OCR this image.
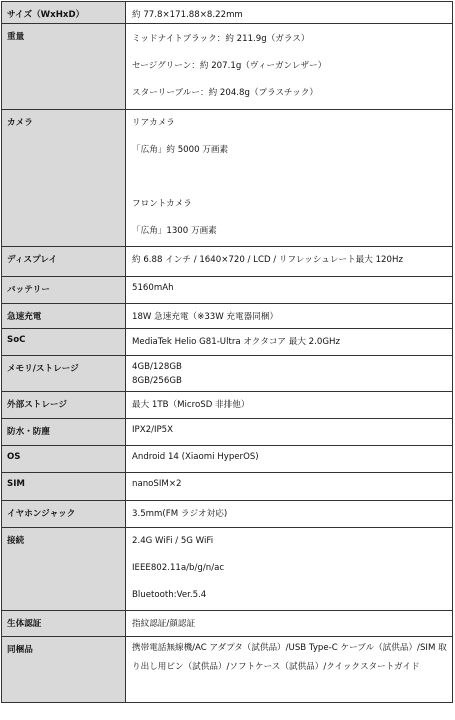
サイズ（WxHxD）	約 77.8×171.88×8.22mm

重量	ミッドナイトブラック：約 211.9g（ガラス）
セージグリーン：約 207.1g（ヴィーガンレザー）
スターリーブルー：約 204.8g（プラスチック）

カメラ	リアカメラ
「広角」約 5000 万画素
フロントカメラ
「広角」1300 万画素

ディスプレイ	約 6.88 インチ / 1640×720 / LCD / リフレッシュレート最大 120Hz

バッテリー	5160mAh

急速充電	18W 急速充電（※33W 充電器同梱）

SoC	MediaTek Helio G81-Ultra オクタコア 最大 2.0GHz

メモリ/ストレージ	4GB/128GB
8GB/256GB

外部ストレージ	最大 1TB（MicroSD 非排他）

防水・防塵	IPX2/IP5X

OS	Android 14 (Xiaomi HyperOS)

SIM	nanoSIM×2

イヤホンジャック	3.5mm(FM ラジオ対応)

接続	2.4G WiFi / 5G WiFi
IEEE802.11a/b/g/n/ac
Bluetooth:Ver.5.4

生体認証	指紋認証/顔認証

同梱品	携帯電話無線機/AC アダプタ（試供品）/USB Type-C ケーブル（試供品）/SIM 取り出し用ピン（試供品）/ソフトケース（試供品）/クイックスタートガイド
